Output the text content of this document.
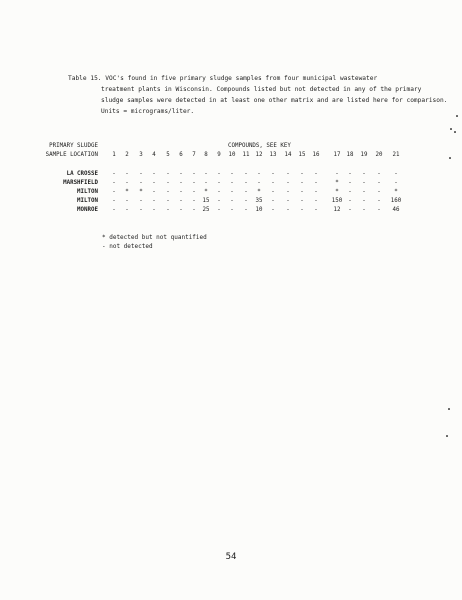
Table 15. VOC's found in five primary sludge samples from four municipal wastewater
treatment plants in Wisconsin. Compounds listed but not detected in any of the primary
sludge samples were detected in at least one other matrix and are listed here for comparison.
Units = micrograms/liter.
PRIMARY SLUDGE
SAMPLE LOCATION
COMPOUNDS, SEE KEY
1 2 3 4 5 6 7 8 9 10 11 12 13 14 15 16 17 18 19 20 21
LA CROSSE - - - - - - - - - - - - - - - -	- - - - -
MARSHFIELD - - - - - - - - - - - - - - - -	* - - - -
MILTON - * * - - - - * - - - * - - - -	* - - - *
MILTON - - - - - - - 15 - - - 35 - - - - 150 - - - 160
MONROE - - - - - - - 25 - - - 10 - - - -	12 - - - 46
* detected but not quantified
- not detected
54
